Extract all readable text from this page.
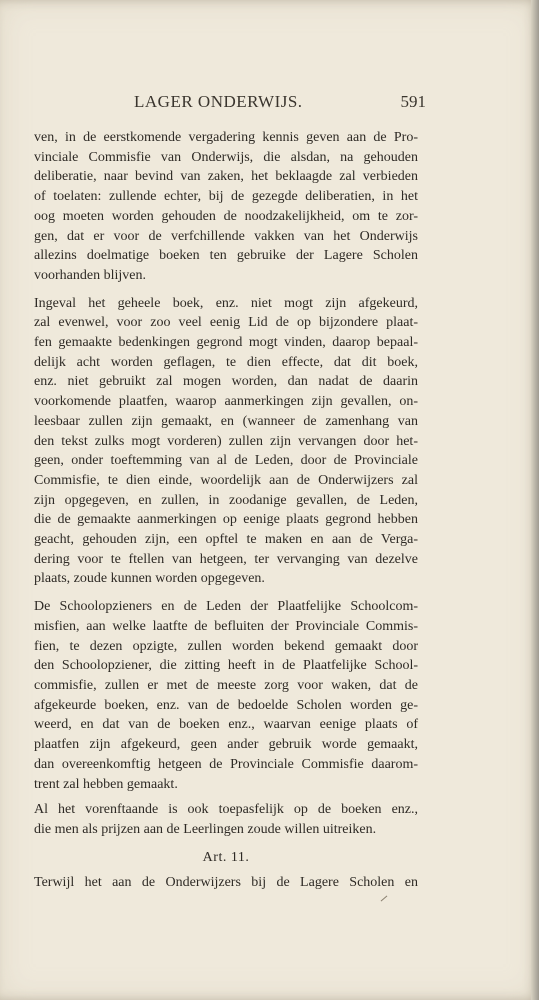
LAGER ONDERWIJS.	591
ven, in de eerstkomende vergadering kennis geven aan de Pro-
vinciale Commisfie van Onderwijs, die alsdan, na gehouden
deliberatie, naar bevind van zaken, het beklaagde zal verbieden
of toelaten: zullende echter, bij de gezegde deliberatien, in het
oog moeten worden gehouden de noodzakelijkheid, om te zor-
gen, dat er voor de verfchillende vakken van het Onderwijs
allezins doelmatige boeken ten gebruike der Lagere Scholen
voorhanden blijven.
Ingeval het geheele boek, enz. niet mogt zijn afgekeurd,
zal evenwel, voor zoo veel eenig Lid de op bijzondere plaat-
fen gemaakte bedenkingen gegrond mogt vinden, daarop bepaal-
delijk acht worden geflagen, te dien effecte, dat dit boek,
enz. niet gebruikt zal mogen worden, dan nadat de daarin
voorkomende plaatfen, waarop aanmerkingen zijn gevallen, on-
leesbaar zullen zijn gemaakt, en (wanneer de zamenhang van
den tekst zulks mogt vorderen) zullen zijn vervangen door het-
geen, onder toeftemming van al de Leden, door de Provinciale
Commisfie, te dien einde, woordelijk aan de Onderwijzers zal
zijn opgegeven, en zullen, in zoodanige gevallen, de Leden,
die de gemaakte aanmerkingen op eenige plaats gegrond hebben
geacht, gehouden zijn, een opftel te maken en aan de Verga-
dering voor te ftellen van hetgeen, ter vervanging van dezelve
plaats, zoude kunnen worden opgegeven.
De Schoolopzieners en de Leden der Plaatfelijke Schoolcom-
misfien, aan welke laatfte de befluiten der Provinciale Commis-
fien, te dezen opzigte, zullen worden bekend gemaakt door
den Schoolopziener, die zitting heeft in de Plaatfelijke School-
commisfie, zullen er met de meeste zorg voor waken, dat de
afgekeurde boeken, enz. van de bedoelde Scholen worden ge-
weerd, en dat van de boeken enz., waarvan eenige plaats of
plaatfen zijn afgekeurd, geen ander gebruik worde gemaakt,
dan overeenkomftig hetgeen de Provinciale Commisfie daarom-
trent zal hebben gemaakt.
Al het vorenftaande is ook toepasfelijk op de boeken enz.,
die men als prijzen aan de Leerlingen zoude willen uitreiken.

Art. 11.

Terwijl het aan de Onderwijzers bij de Lagere Scholen en
